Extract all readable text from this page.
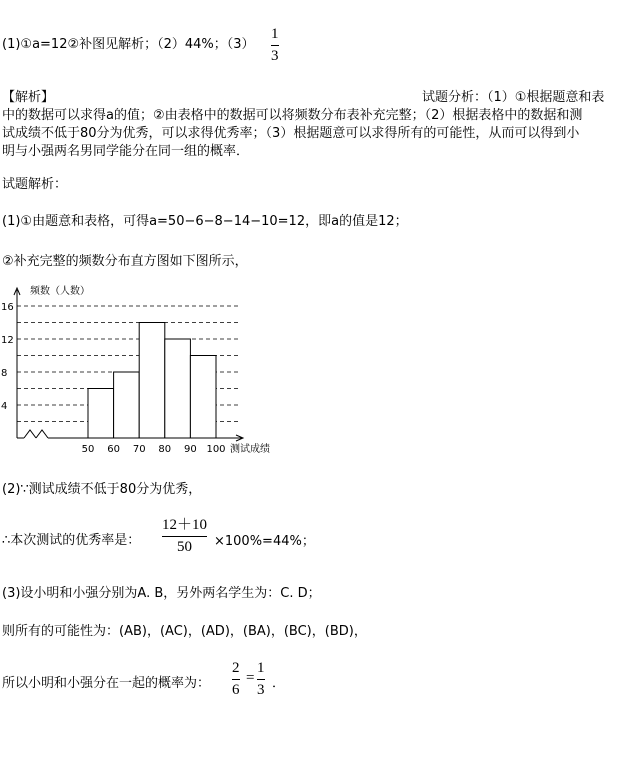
(1)①a=12②补图见解析；（2）44%；（3）
1
3
【解析】	试题分析：（1）①根据题意和表
中的数据可以求得a的值；②由表格中的数据可以将频数分布表补充完整；（2）根据表格中的数据和测
试成绩不低于80分为优秀，可以求得优秀率；（3）根据题意可以求得所有的可能性，从而可以得到小
明与小强两名男同学能分在同一组的概率．
试题解析：
(1)①由题意和表格，可得a=50−6−8−14−10=12，即a的值是12；
②补充完整的频数分布直方图如下图所示，
4
8
12
16
50 60 70 80 90 100
频数（人数）
测试成绩
(2)∵测试成绩不低于80分为优秀，
∴本次测试的优秀率是：
12＋10
50 ×100%=44%；
(3)设小明和小强分别为A. B，另外两名学生为：C. D；
则所有的可能性为：(AB)，(AC)，(AD)，(BA)，(BC)，(BD)，
所以小明和小强分在一起的概率为：
2
6
=
1
3 ．
